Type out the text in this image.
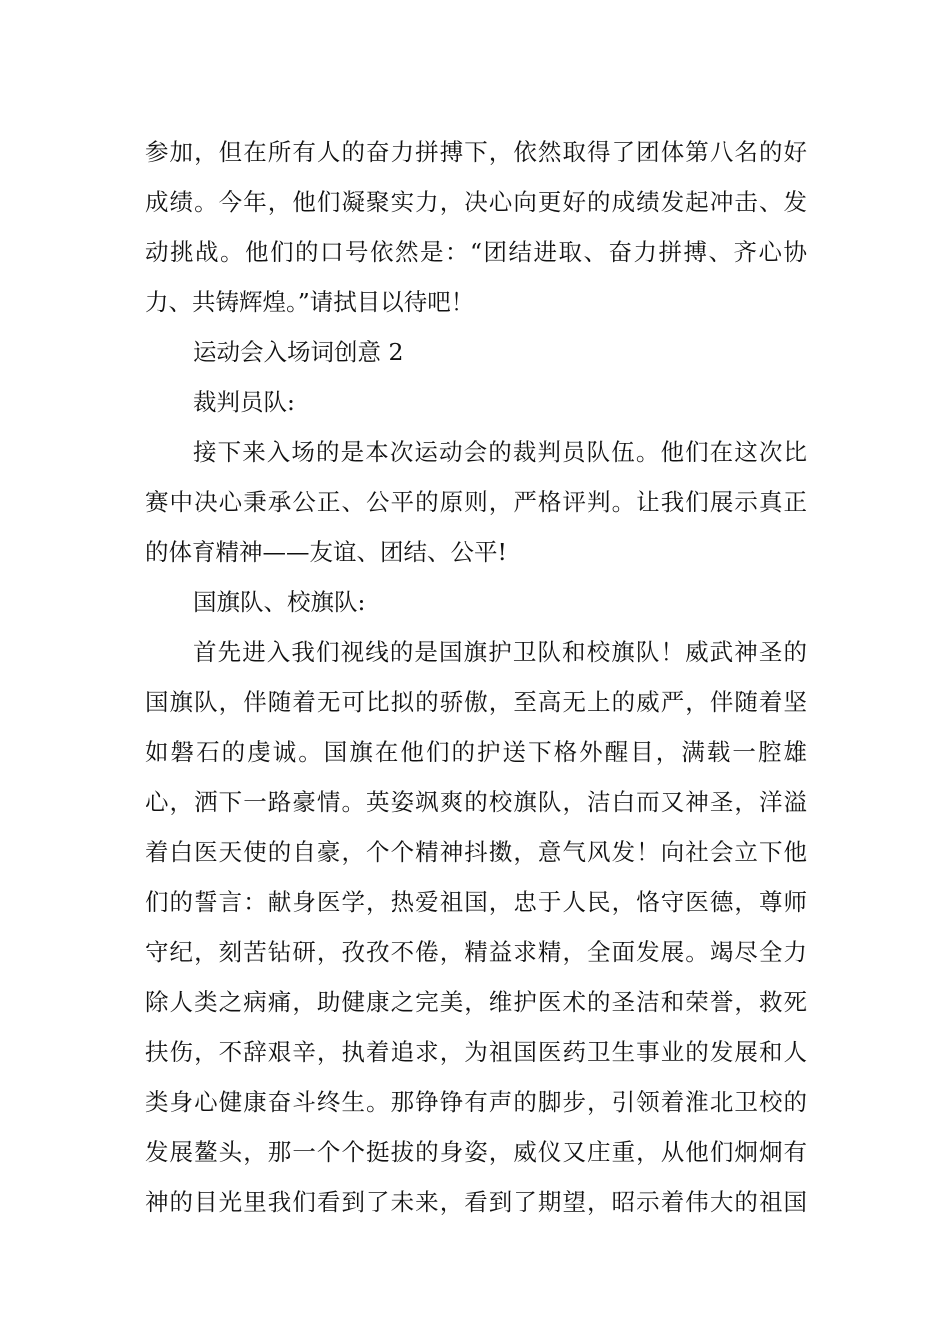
参加，但在所有人的奋力拼搏下，依然取得了团体第八名的好
成绩。今年，他们凝聚实力，决心向更好的成绩发起冲击、发
动挑战。他们的口号依然是：“团结进取、奋力拼搏、齐心协
力、共铸辉煌。”请拭目以待吧！
运动会入场词创意 2
裁判员队:
接下来入场的是本次运动会的裁判员队伍。他们在这次比
赛中决心秉承公正、公平的原则，严格评判。让我们展示真正
的体育精神——友谊、团结、公平!
国旗队、校旗队:
首先进入我们视线的是国旗护卫队和校旗队！威武神圣的
国旗队，伴随着无可比拟的骄傲，至高无上的威严，伴随着坚
如磐石的虔诚。国旗在他们的护送下格外醒目，满载一腔雄
心，洒下一路豪情。英姿飒爽的校旗队，洁白而又神圣，洋溢
着白医天使的自豪，个个精神抖擞，意气风发！向社会立下他
们的誓言：献身医学，热爱祖国，忠于人民，恪守医德，尊师
守纪，刻苦钻研，孜孜不倦，精益求精，全面发展。竭尽全力
除人类之病痛，助健康之完美，维护医术的圣洁和荣誉，救死
扶伤，不辞艰辛，执着追求，为祖国医药卫生事业的发展和人
类身心健康奋斗终生。那铮铮有声的脚步，引领着淮北卫校的
发展鳌头，那一个个挺拔的身姿，威仪又庄重，从他们炯炯有
神的目光里我们看到了未来，看到了期望，昭示着伟大的祖国
